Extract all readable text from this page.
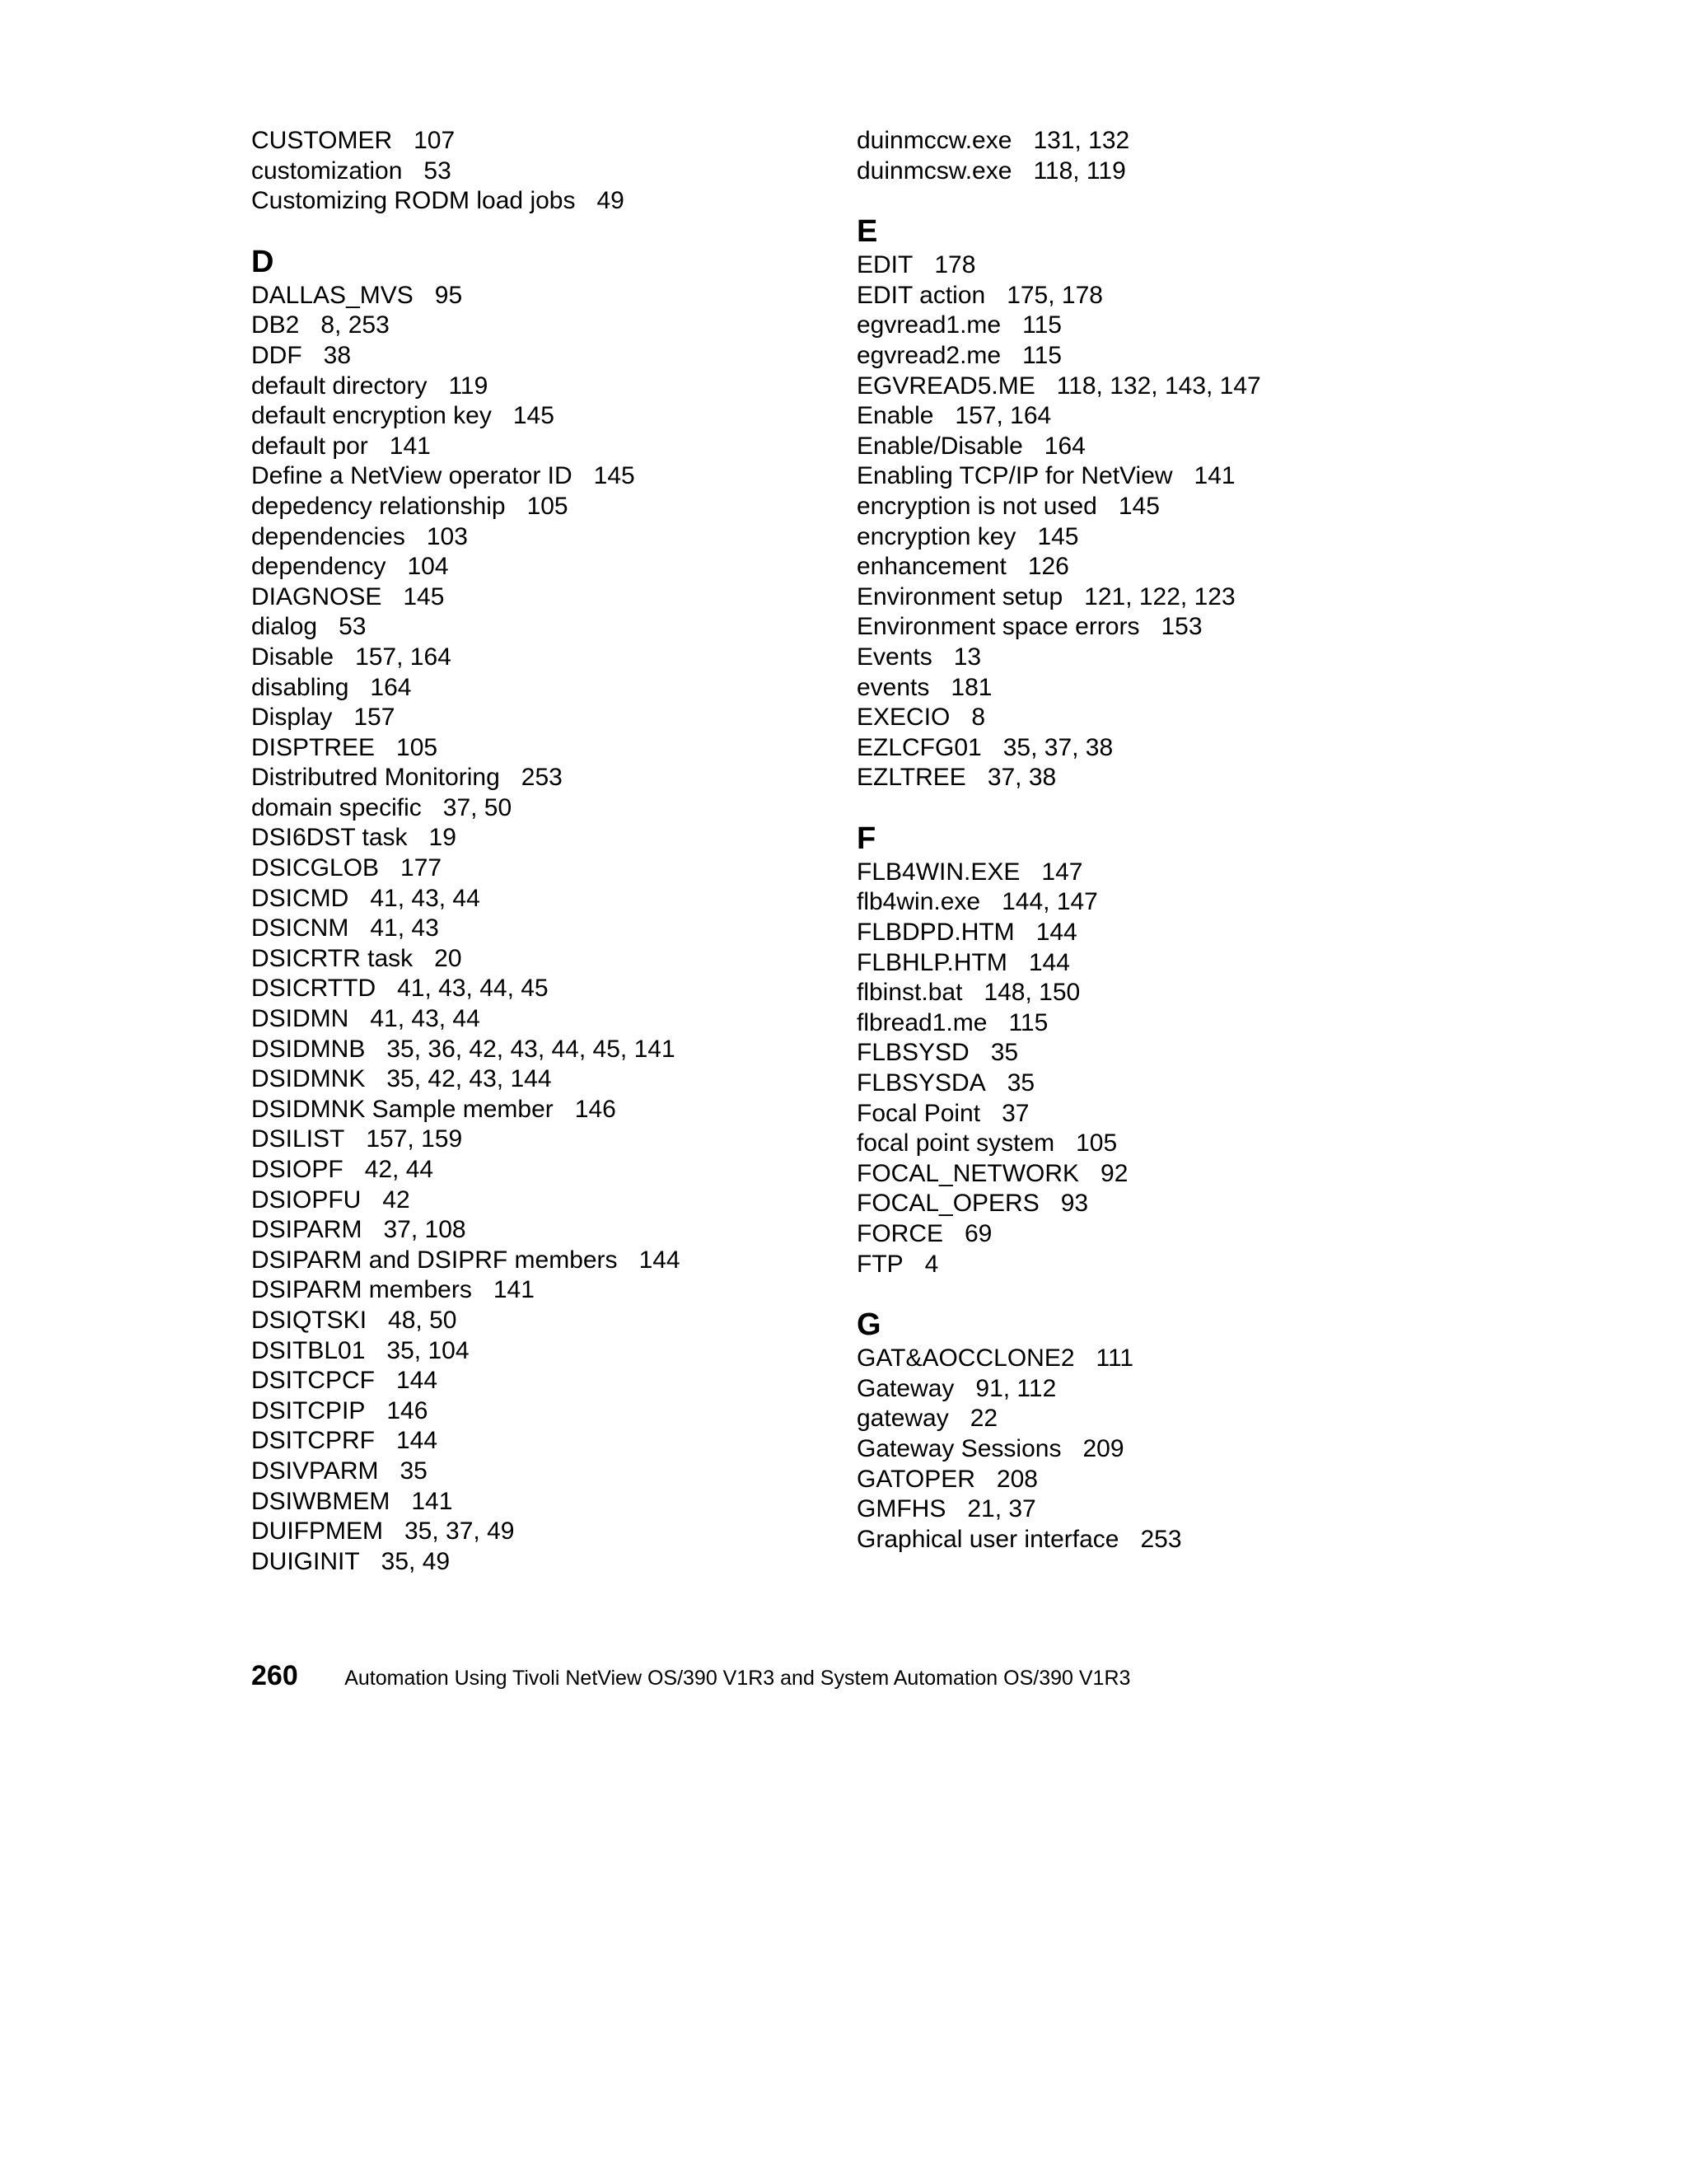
CUSTOMER 107
customization 53
Customizing RODM load jobs 49
D
DALLAS_MVS 95
DB2 8, 253
DDF 38
default directory 119
default encryption key 145
default por 141
Define a NetView operator ID 145
depedency relationship 105
dependencies 103
dependency 104
DIAGNOSE 145
dialog 53
Disable 157, 164
disabling 164
Display 157
DISPTREE 105
Distributred Monitoring 253
domain specific 37, 50
DSI6DST task 19
DSICGLOB 177
DSICMD 41, 43, 44
DSICNM 41, 43
DSICRTR task 20
DSICRTTD 41, 43, 44, 45
DSIDMN 41, 43, 44
DSIDMNB 35, 36, 42, 43, 44, 45, 141
DSIDMNK 35, 42, 43, 144
DSIDMNK Sample member 146
DSILIST 157, 159
DSIOPF 42, 44
DSIOPFU 42
DSIPARM 37, 108
DSIPARM and DSIPRF members 144
DSIPARM members 141
DSIQTSKI 48, 50
DSITBL01 35, 104
DSITCPCF 144
DSITCPIP 146
DSITCPRF 144
DSIVPARM 35
DSIWBMEM 141
DUIFPMEM 35, 37, 49
DUIGINIT 35, 49
duinmccw.exe 131, 132
duinmcsw.exe 118, 119
E
EDIT 178
EDIT action 175, 178
egvread1.me 115
egvread2.me 115
EGVREAD5.ME 118, 132, 143, 147
Enable 157, 164
Enable/Disable 164
Enabling TCP/IP for NetView 141
encryption is not used 145
encryption key 145
enhancement 126
Environment setup 121, 122, 123
Environment space errors 153
Events 13
events 181
EXECIO 8
EZLCFG01 35, 37, 38
EZLTREE 37, 38
F
FLB4WIN.EXE 147
flb4win.exe 144, 147
FLBDPD.HTM 144
FLBHLP.HTM 144
flbinst.bat 148, 150
flbread1.me 115
FLBSYSD 35
FLBSYSDA 35
Focal Point 37
focal point system 105
FOCAL_NETWORK 92
FOCAL_OPERS 93
FORCE 69
FTP 4
G
GAT&AOCCLONE2 111
Gateway 91, 112
gateway 22
Gateway Sessions 209
GATOPER 208
GMFHS 21, 37
Graphical user interface 253
260 Automation Using Tivoli NetView OS/390 V1R3 and System Automation OS/390 V1R3
